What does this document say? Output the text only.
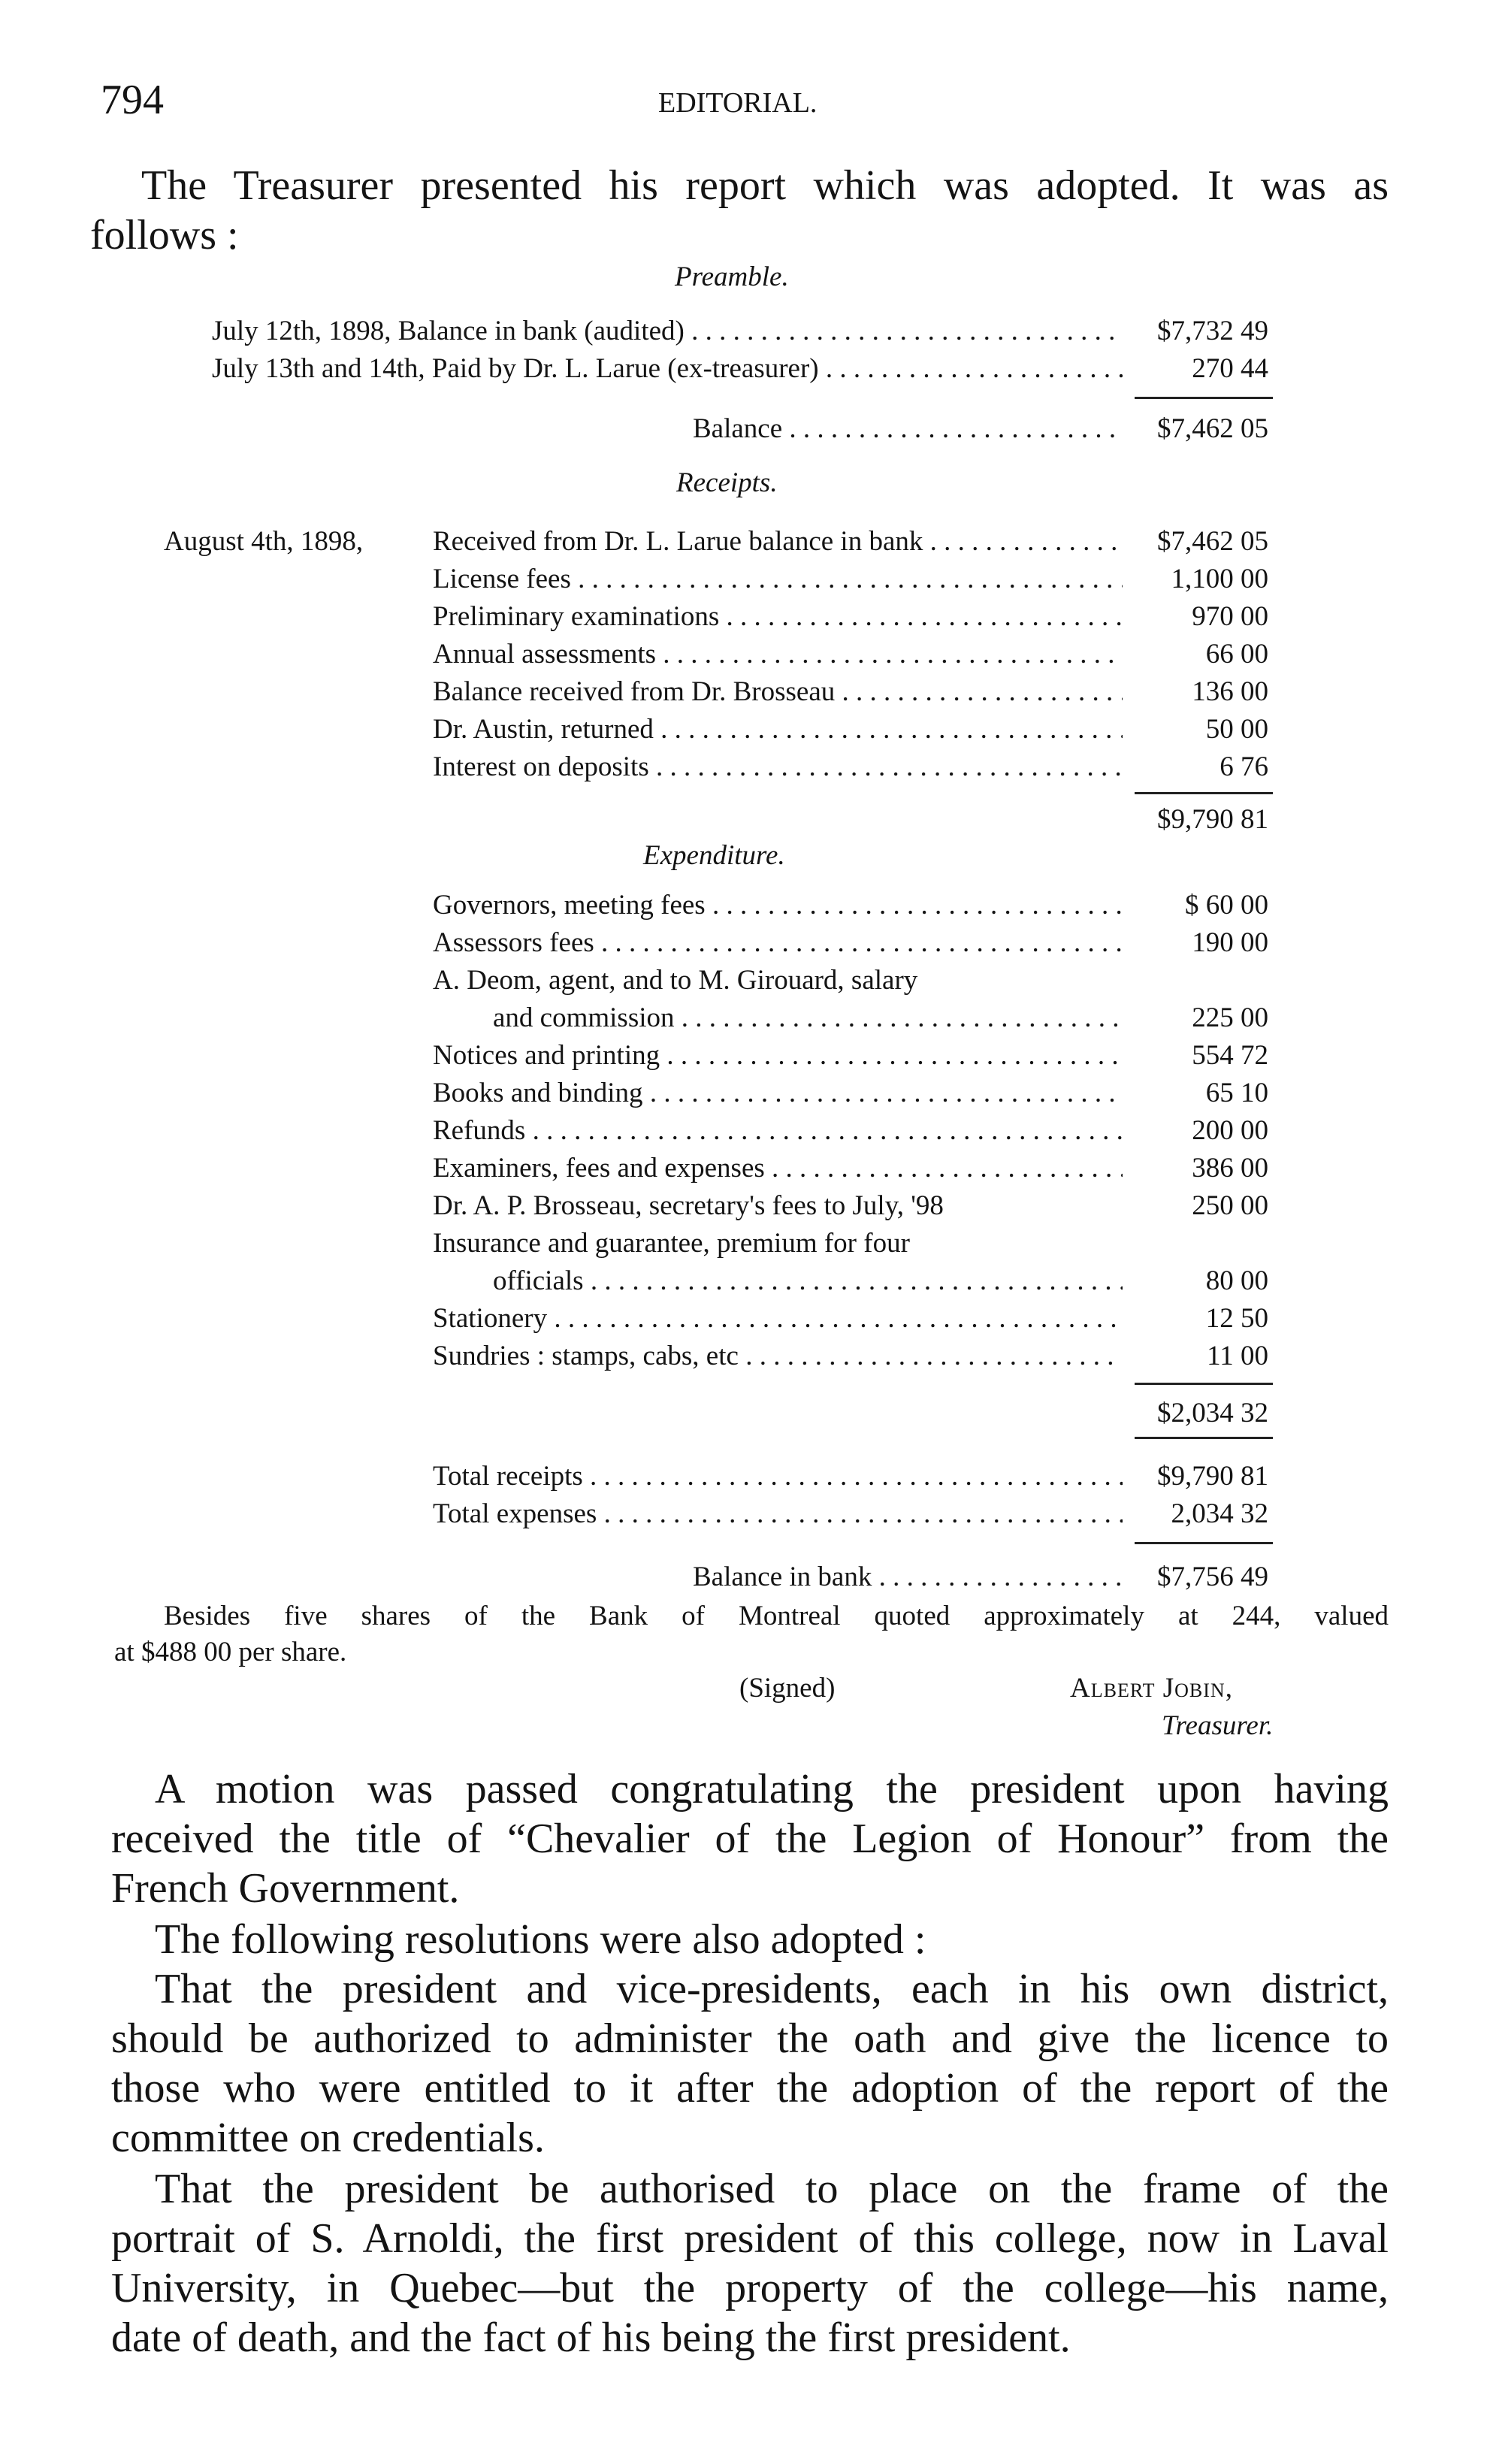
794	EDITORIAL.
The Treasurer presented his report which was adopted. It was as
follows :
Preamble.
July 12th, 1898, Balance in bank (audited) . . .	$7,732 49
July 13th and 14th, Paid by Dr. L. Larue (ex-treasurer) . . .	270 44
Balance . . .	$7,462 05
Receipts.
August 4th, 1898,	Received from Dr. L. Larue balance in bank . . .	$7,462 05
License fees . . .	1,100 00
Preliminary examinations . . .	970 00
Annual assessments . . .	66 00
Balance received from Dr. Brosseau . . .	136 00
Dr. Austin, returned . . .	50 00
Interest on deposits . . .	6 76
$9,790 81
Expenditure.
Governors, meeting fees . . .	$ 60 00
Assessors fees . . .	190 00
A. Deom, agent, and to M. Girouard, salary
and commission . . .	225 00
Notices and printing . . .	554 72
Books and binding . . .	65 10
Refunds . . .	200 00
Examiners, fees and expenses . . .	386 00
Dr. A. P. Brosseau, secretary's fees to July, '98	250 00
Insurance and guarantee, premium for four
officials . . .	80 00
Stationery . . .	12 50
Sundries : stamps, cabs, etc . . .	11 00
$2,034 32
Total receipts . . .	$9,790 81
Total expenses . . .	2,034 32
Balance in bank . . .	$7,756 49
Besides five shares of the Bank of Montreal quoted approximately at 244, valued
at $488 00 per share.
(Signed)	Albert Jobin,
Treasurer.
A motion was passed congratulating the president upon having
received the title of “Chevalier of the Legion of Honour” from the
French Government.
The following resolutions were also adopted :
That the president and vice-presidents, each in his own district,
should be authorized to administer the oath and give the licence to
those who were entitled to it after the adoption of the report of the
committee on credentials.
That the president be authorised to place on the frame of the
portrait of S. Arnoldi, the first president of this college, now in Laval
University, in Quebec—but the property of the college—his name,
date of death, and the fact of his being the first president.
